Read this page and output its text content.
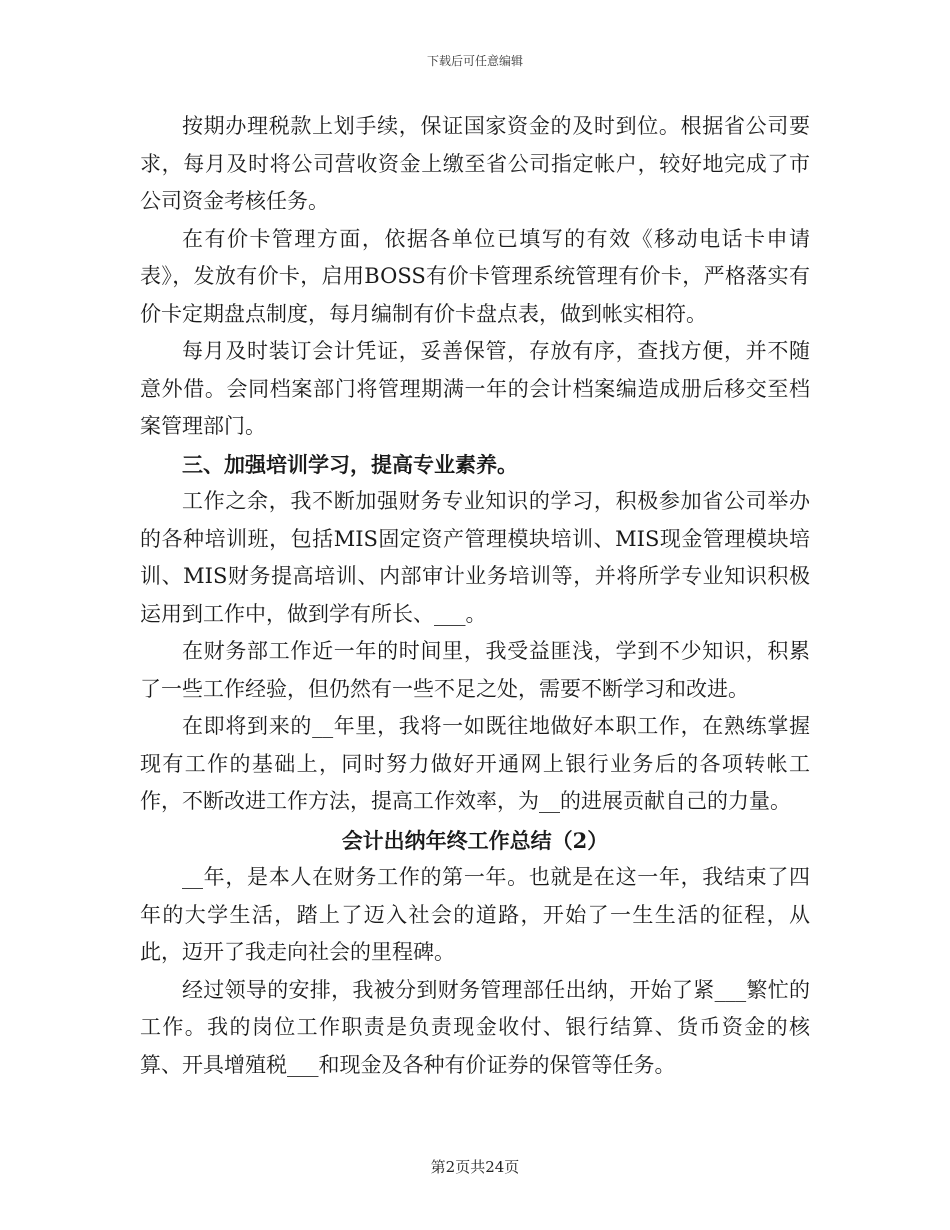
下载后可任意编辑

按期办理税款上划手续，保证国家资金的及时到位。根据省公司要求，每月及时将公司营收资金上缴至省公司指定帐户，较好地完成了市公司资金考核任务。

在有价卡管理方面，依据各单位已填写的有效《移动电话卡申请表》，发放有价卡，启用BOSS有价卡管理系统管理有价卡，严格落实有价卡定期盘点制度，每月编制有价卡盘点表，做到帐实相符。

每月及时装订会计凭证，妥善保管，存放有序，查找方便，并不随意外借。会同档案部门将管理期满一年的会计档案编造成册后移交至档案管理部门。

三、加强培训学习，提高专业素养。

工作之余，我不断加强财务专业知识的学习，积极参加省公司举办的各种培训班，包括MIS固定资产管理模块培训、MIS现金管理模块培训、MIS财务提高培训、内部审计业务培训等，并将所学专业知识积极运用到工作中，做到学有所长、___。

在财务部工作近一年的时间里，我受益匪浅，学到不少知识，积累了一些工作经验，但仍然有一些不足之处，需要不断学习和改进。

在即将到来的__年里，我将一如既往地做好本职工作，在熟练掌握现有工作的基础上，同时努力做好开通网上银行业务后的各项转帐工作，不断改进工作方法，提高工作效率，为__的进展贡献自己的力量。

会计出纳年终工作总结（2）

__年，是本人在财务工作的第一年。也就是在这一年，我结束了四年的大学生活，踏上了迈入社会的道路，开始了一生生活的征程，从此，迈开了我走向社会的里程碑。

经过领导的安排，我被分到财务管理部任出纳，开始了紧___繁忙的工作。我的岗位工作职责是负责现金收付、银行结算、货币资金的核算、开具增殖税___和现金及各种有价证券的保管等任务。

第2页共24页
